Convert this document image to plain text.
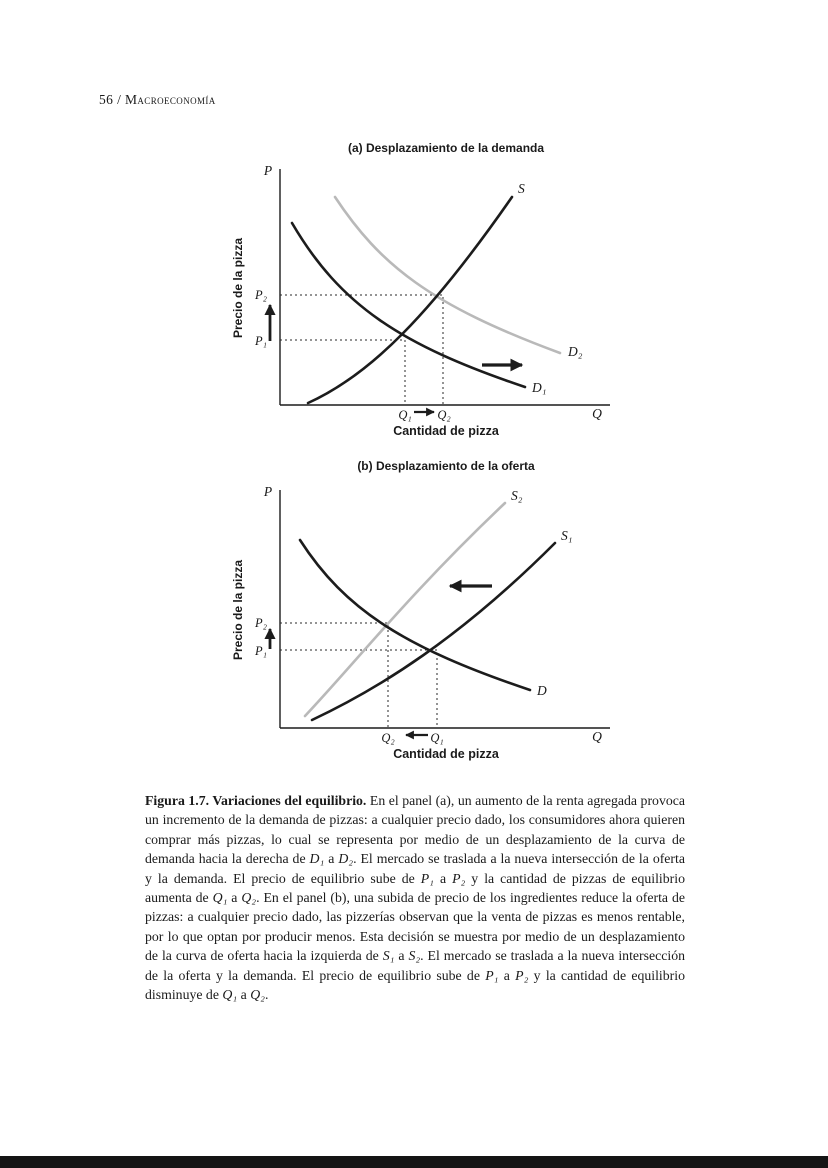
56 / Macroeconomía
(a) Desplazamiento de la demanda
Precio de la pizza
P
Q
S
D₁
D₂
P₂
P₁
Q₁ Q₂
Cantidad de pizza
(b) Desplazamiento de la oferta
Precio de la pizza
P
Q
S₂
S₁
D
P₂
P₁
Q₂	Q₁
Cantidad de pizza

Figura 1.7. Variaciones del equilibrio. En el panel (a), un aumento de la renta agregada provoca un incremento de la demanda de pizzas: a cualquier precio dado, los consumidores ahora quieren comprar más pizzas, lo cual se representa por medio de un desplazamiento de la curva de demanda hacia la derecha de D₁ a D₂. El mercado se traslada a la nueva intersección de la oferta y la demanda. El precio de equilibrio sube de P₁ a P₂ y la cantidad de pizzas de equilibrio aumenta de Q₁ a Q₂. En el panel (b), una subida de precio de los ingredientes reduce la oferta de pizzas: a cualquier precio dado, las pizzerías observan que la venta de pizzas es menos rentable, por lo que optan por producir menos. Esta decisión se muestra por medio de un desplazamiento de la curva de oferta hacia la izquierda de S₁ a S₂. El mercado se traslada a la nueva intersección de la oferta y la demanda. El precio de equilibrio sube de P₁ a P₂ y la cantidad de equilibrio disminuye de Q₁ a Q₂.
